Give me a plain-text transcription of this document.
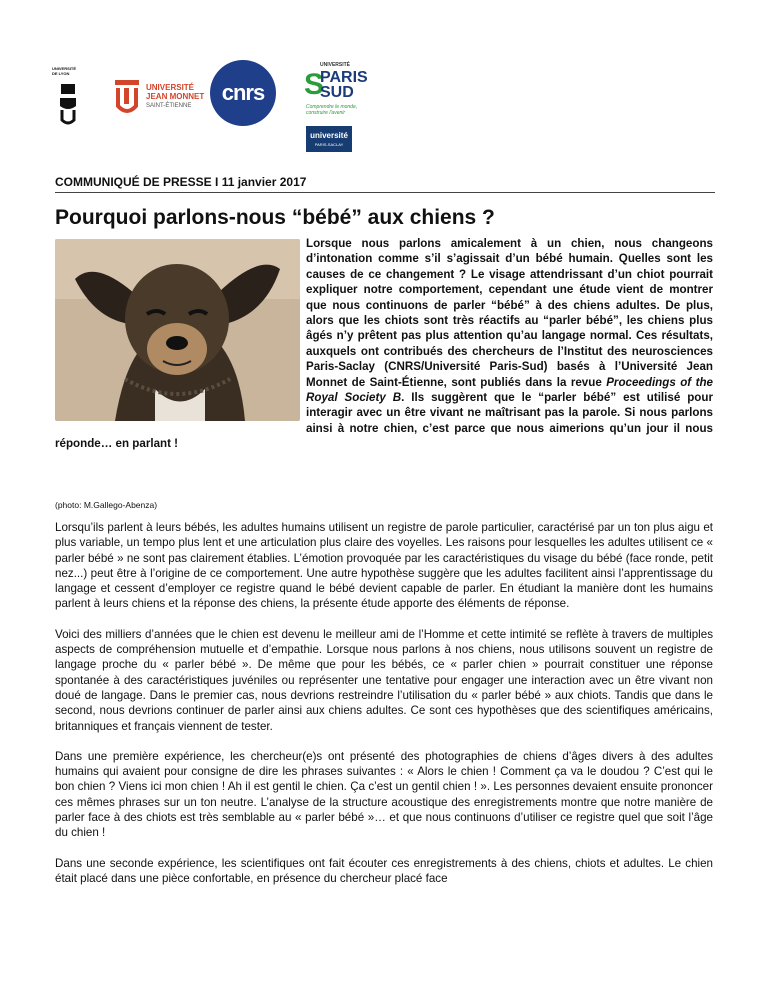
UNIVERSITÉ DE LYON
UNIVERSITÉ JEAN MONNET
SAINT-ÉTIENNE
cnrs S
UNIVERSITÉ
PARIS SUD
Comprendre le monde, construire l'avenir
université
PARIS-SACLAY
COMMUNIQUÉ DE PRESSE I 11 janvier 2017
Pourquoi parlons-nous “bébé” aux chiens ?

Lorsque nous parlons amicalement à un chien, nous changeons d’intonation comme s’il s’agissait d’un bébé humain. Quelles sont les causes de ce changement ? Le visage attendrissant d’un chiot pourrait expliquer notre comportement, cependant une étude vient de montrer que nous continuons de parler “bébé” à des chiens adultes. De plus, alors que les chiots sont très réactifs au “parler bébé”, les chiens plus âgés n’y prêtent pas plus attention qu’au langage normal. Ces résultats, auxquels ont contribués des chercheurs de l’Institut des neurosciences Paris-Saclay (CNRS/Université Paris-Sud) basés à l’Université Jean Monnet de Saint-Étienne, sont publiés dans la revue Proceedings of the Royal Society B. Ils suggèrent que le “parler bébé” est utilisé pour interagir avec un être vivant ne maîtrisant pas la parole. Si nous parlons ainsi à notre chien, c’est parce que nous aimerions qu’un jour il nous réponde… en parlant !

(photo: M.Gallego-Abenza)

Lorsqu’ils parlent à leurs bébés, les adultes humains utilisent un registre de parole particulier, caractérisé par un ton plus aigu et plus variable, un tempo plus lent et une articulation plus claire des voyelles. Les raisons pour lesquelles les adultes utilisent ce « parler bébé » ne sont pas clairement établies. L’émotion provoquée par les caractéristiques du visage du bébé (face ronde, petit nez...) peut être à l’origine de ce comportement. Une autre hypothèse suggère que les adultes facilitent ainsi l’apprentissage du langage et cessent d’employer ce registre quand le bébé devient capable de parler. En étudiant la manière dont les humains parlent à leurs chiens et la réponse des chiens, la présente étude apporte des éléments de réponse.

Voici des milliers d’années que le chien est devenu le meilleur ami de l’Homme et cette intimité se reflète à travers de multiples aspects de compréhension mutuelle et d’empathie. Lorsque nous parlons à nos chiens, nous utilisons souvent un registre de langage proche du « parler bébé ». De même que pour les bébés, ce « parler chien » pourrait constituer une réponse spontanée à des caractéristiques juvéniles ou représenter une tentative pour engager une interaction avec un être vivant non doué de langage. Dans le premier cas, nous devrions restreindre l’utilisation du « parler bébé » aux chiots. Tandis que dans le second, nous devrions continuer de parler ainsi aux chiens adultes. Ce sont ces hypothèses que des scientifiques américains, britanniques et français viennent de tester.

Dans une première expérience, les chercheur(e)s ont présenté des photographies de chiens d’âges divers à des adultes humains qui avaient pour consigne de dire les phrases suivantes : « Alors le chien ! Comment ça va le doudou ? C’est qui le bon chien ? Viens ici mon chien ! Ah il est gentil le chien. Ça c’est un gentil chien ! ». Les personnes devaient ensuite prononcer ces mêmes phrases sur un ton neutre. L’analyse de la structure acoustique des enregistrements montre que notre manière de parler face à des chiots est très semblable au « parler bébé »… et que nous continuons d’utiliser ce registre quel que soit l’âge du chien !

Dans une seconde expérience, les scientifiques ont fait écouter ces enregistrements à des chiens, chiots et adultes. Le chien était placé dans une pièce confortable, en présence du chercheur placé face
